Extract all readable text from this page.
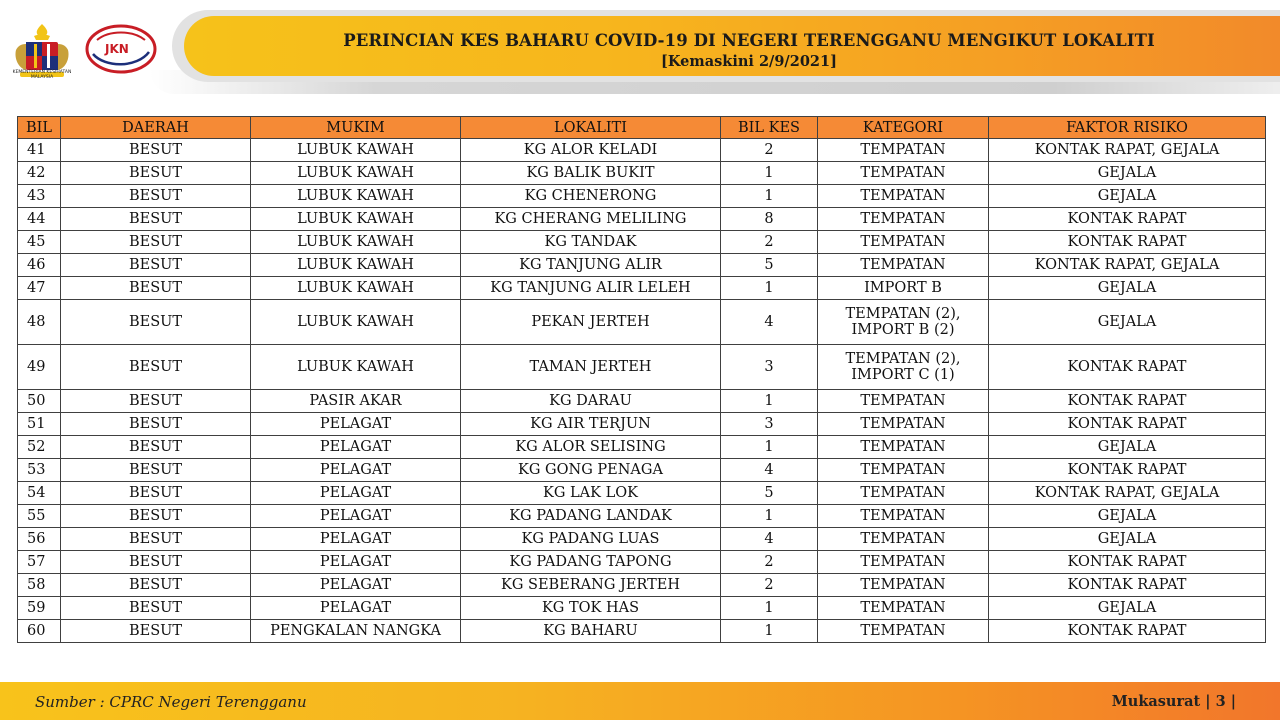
PERINCIAN KES BAHARU COVID-19 DI NEGERI TERENGGANU MENGIKUT LOKALITI
[Kemaskini 2/9/2021]
KEMENTERIAN KESIHATAN MALAYSIA
JKN
BIL	DAERAH	MUKIM	LOKALITI	BIL KES	KATEGORI	FAKTOR RISIKO
41	BESUT	LUBUK KAWAH	KG ALOR KELADI	2	TEMPATAN	KONTAK RAPAT, GEJALA
42	BESUT	LUBUK KAWAH	KG BALIK BUKIT	1	TEMPATAN	GEJALA
43	BESUT	LUBUK KAWAH	KG CHENERONG	1	TEMPATAN	GEJALA
44	BESUT	LUBUK KAWAH	KG CHERANG MELILING	8	TEMPATAN	KONTAK RAPAT
45	BESUT	LUBUK KAWAH	KG TANDAK	2	TEMPATAN	KONTAK RAPAT
46	BESUT	LUBUK KAWAH	KG TANJUNG ALIR	5	TEMPATAN	KONTAK RAPAT, GEJALA
47	BESUT	LUBUK KAWAH	KG TANJUNG ALIR LELEH	1	IMPORT B	GEJALA
48	BESUT	LUBUK KAWAH	PEKAN JERTEH	4	TEMPATAN (2),
IMPORT B (2)	GEJALA
49	BESUT	LUBUK KAWAH	TAMAN JERTEH	3	TEMPATAN (2),
IMPORT C (1)	KONTAK RAPAT
50	BESUT	PASIR AKAR	KG DARAU	1	TEMPATAN	KONTAK RAPAT
51	BESUT	PELAGAT	KG AIR TERJUN	3	TEMPATAN	KONTAK RAPAT
52	BESUT	PELAGAT	KG ALOR SELISING	1	TEMPATAN	GEJALA
53	BESUT	PELAGAT	KG GONG PENAGA	4	TEMPATAN	KONTAK RAPAT
54	BESUT	PELAGAT	KG LAK LOK	5	TEMPATAN	KONTAK RAPAT, GEJALA
55	BESUT	PELAGAT	KG PADANG LANDAK	1	TEMPATAN	GEJALA
56	BESUT	PELAGAT	KG PADANG LUAS	4	TEMPATAN	GEJALA
57	BESUT	PELAGAT	KG PADANG TAPONG	2	TEMPATAN	KONTAK RAPAT
58	BESUT	PELAGAT	KG SEBERANG JERTEH	2	TEMPATAN	KONTAK RAPAT
59	BESUT	PELAGAT	KG TOK HAS	1	TEMPATAN	GEJALA
60	BESUT	PENGKALAN NANGKA	KG BAHARU	1	TEMPATAN	KONTAK RAPAT
Sumber : CPRC Negeri Terengganu	Mukasurat | 3 |
